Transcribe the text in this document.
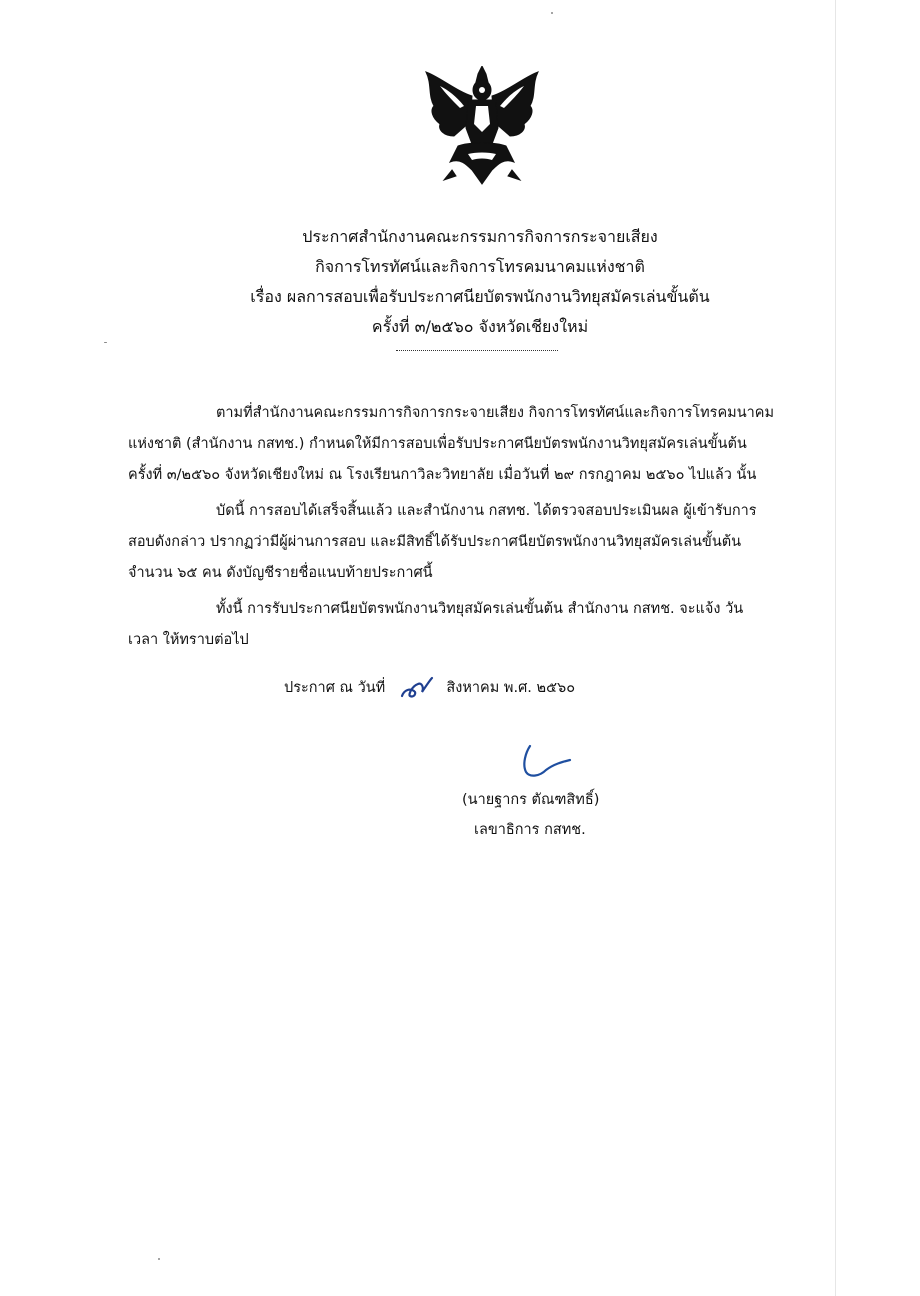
ประกาศสำนักงานคณะกรรมการกิจการกระจายเสียง
กิจการโทรทัศน์และกิจการโทรคมนาคมแห่งชาติ
เรื่อง ผลการสอบเพื่อรับประกาศนียบัตรพนักงานวิทยุสมัครเล่นขั้นต้น
ครั้งที่ ๓/๒๕๖๐ จังหวัดเชียงใหม่
ตามที่สำนักงานคณะกรรมการกิจการกระจายเสียง กิจการโทรทัศน์และกิจการโทรคมนาคม
แห่งชาติ (สำนักงาน กสทช.) กำหนดให้มีการสอบเพื่อรับประกาศนียบัตรพนักงานวิทยุสมัครเล่นขั้นต้น
ครั้งที่ ๓/๒๕๖๐ จังหวัดเชียงใหม่ ณ โรงเรียนกาวิละวิทยาลัย เมื่อวันที่ ๒๙ กรกฎาคม ๒๕๖๐ ไปแล้ว นั้น
บัดนี้ การสอบได้เสร็จสิ้นแล้ว และสำนักงาน กสทช. ได้ตรวจสอบประเมินผล ผู้เข้ารับการ
สอบดังกล่าว ปรากฏว่ามีผู้ผ่านการสอบ และมีสิทธิ์ได้รับประกาศนียบัตรพนักงานวิทยุสมัครเล่นขั้นต้น
จำนวน ๖๕ คน ดังบัญชีรายชื่อแนบท้ายประกาศนี้
ทั้งนี้ การรับประกาศนียบัตรพนักงานวิทยุสมัครเล่นขั้นต้น สำนักงาน กสทช. จะแจ้ง วัน
เวลา ให้ทราบต่อไป
ประกาศ ณ วันที่	สิงหาคม พ.ศ. ๒๕๖๐
(นายฐากร ตัณฑสิทธิ์)
เลขาธิการ กสทช.
